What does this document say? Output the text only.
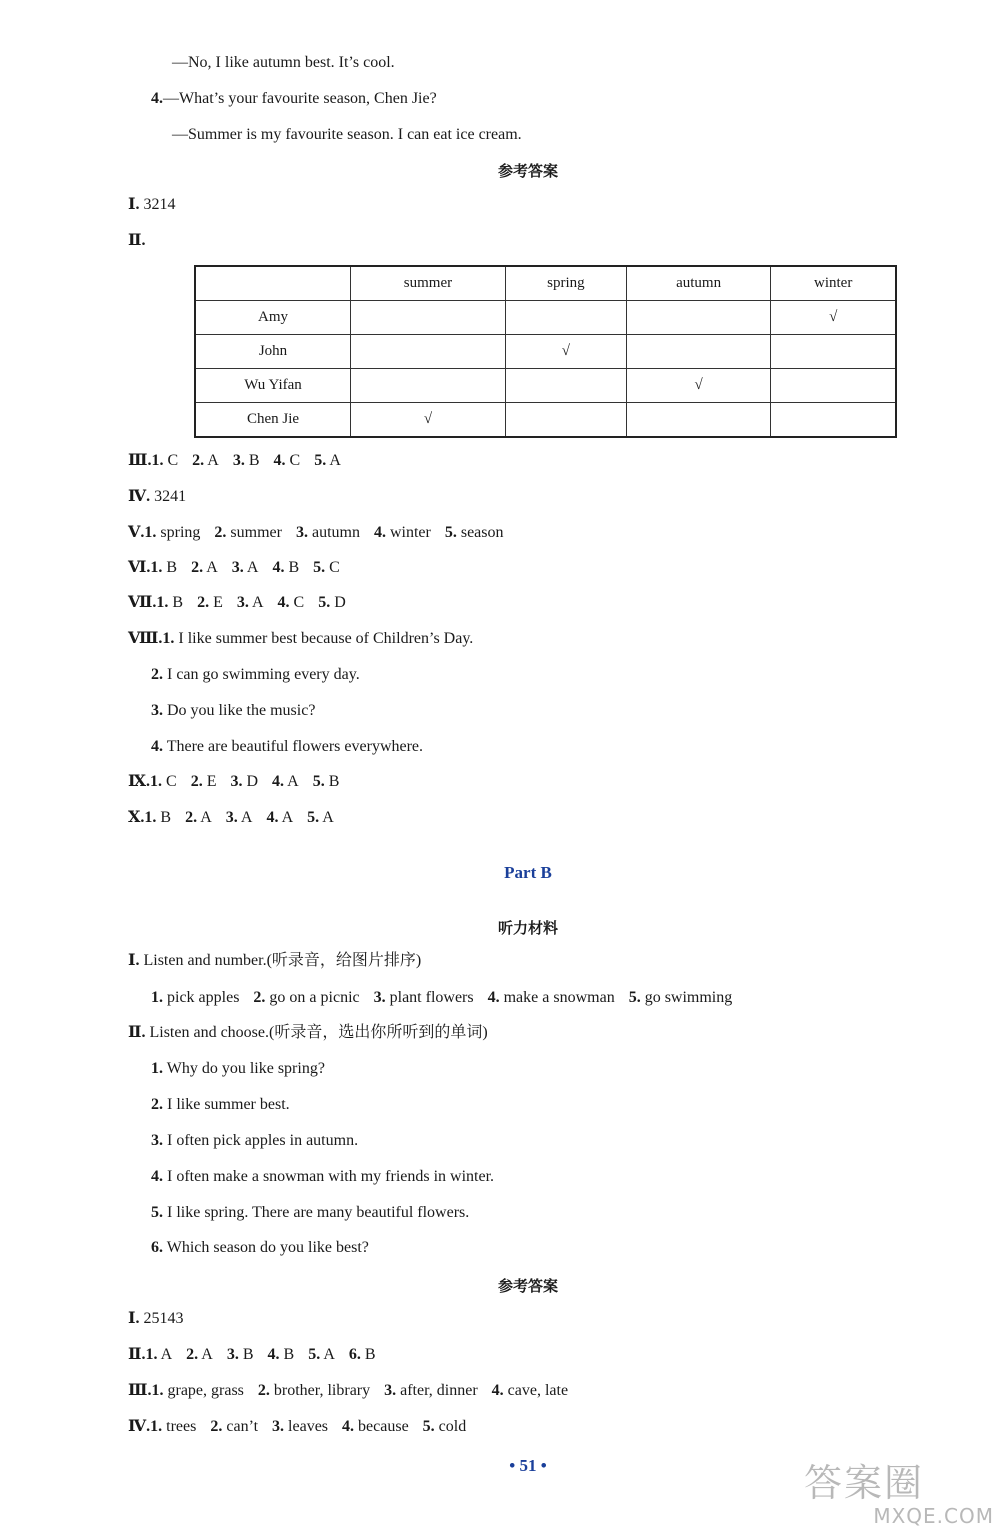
—No, I like autumn best. It’s cool.
4.—What’s your favourite season, Chen Jie?
—Summer is my favourite season. I can eat ice cream.
参考答案
Ⅰ. 3214
Ⅱ.
	summer	spring	autumn	winter
Amy				√
John		√		
Wu Yifan			√	
Chen Jie	√			
Ⅲ.1. C 2. A 3. B 4. C 5. A
Ⅳ. 3241
Ⅴ.1. spring 2. summer 3. autumn 4. winter 5. season
Ⅵ.1. B 2. A 3. A 4. B 5. C
Ⅶ.1. B 2. E 3. A 4. C 5. D
Ⅷ.1. I like summer best because of Children’s Day.
2. I can go swimming every day.
3. Do you like the music?
4. There are beautiful flowers everywhere.
Ⅸ.1. C 2. E 3. D 4. A 5. B
Ⅹ.1. B 2. A 3. A 4. A 5. A
Part B
听力材料
Ⅰ. Listen and number.(听录音，给图片排序)
1. pick apples 2. go on a picnic 3. plant flowers 4. make a snowman 5. go swimming
Ⅱ. Listen and choose.(听录音，选出你所听到的单词)
1. Why do you like spring?
2. I like summer best.
3. I often pick apples in autumn.
4. I often make a snowman with my friends in winter.
5. I like spring. There are many beautiful flowers.
6. Which season do you like best?
参考答案
Ⅰ. 25143
Ⅱ.1. A 2. A 3. B 4. B 5. A 6. B
Ⅲ.1. grape, grass 2. brother, library 3. after, dinner 4. cave, late
Ⅳ.1. trees 2. can’t 3. leaves 4. because 5. cold
• 51 •	答案圈
MXQE.COM
